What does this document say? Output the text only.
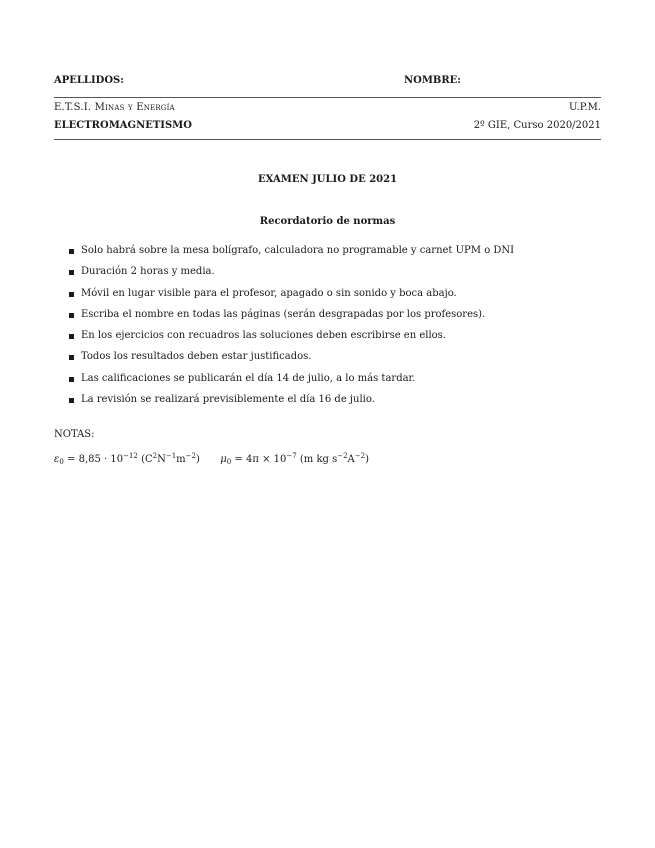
APELLIDOS:	NOMBRE:
E.T.S.I. Minas y Energía	U.P.M.
ELECTROMAGNETISMO	2º GIE, Curso 2020/2021
EXAMEN JULIO DE 2021
Recordatorio de normas
Solo habrá sobre la mesa bolígrafo, calculadora no programable y carnet UPM o DNI
Duración 2 horas y media.
Móvil en lugar visible para el profesor, apagado o sin sonido y boca abajo.
Escriba el nombre en todas las páginas (serán desgrapadas por los profesores).
En los ejercicios con recuadros las soluciones deben escribirse en ellos.
Todos los resultados deben estar justificados.
Las calificaciones se publicarán el día 14 de julio, a lo más tardar.
La revisión se realizará previsiblemente el día 16 de julio.
NOTAS:
$\varepsilon_0 = 8,85 \cdot 10^{-12}$ $(C^2N^{-1}m^{-2}) \mu_0 = 4\pi \times 10^{-7}$ (m kg $s^{-2}A^{-2}$)
